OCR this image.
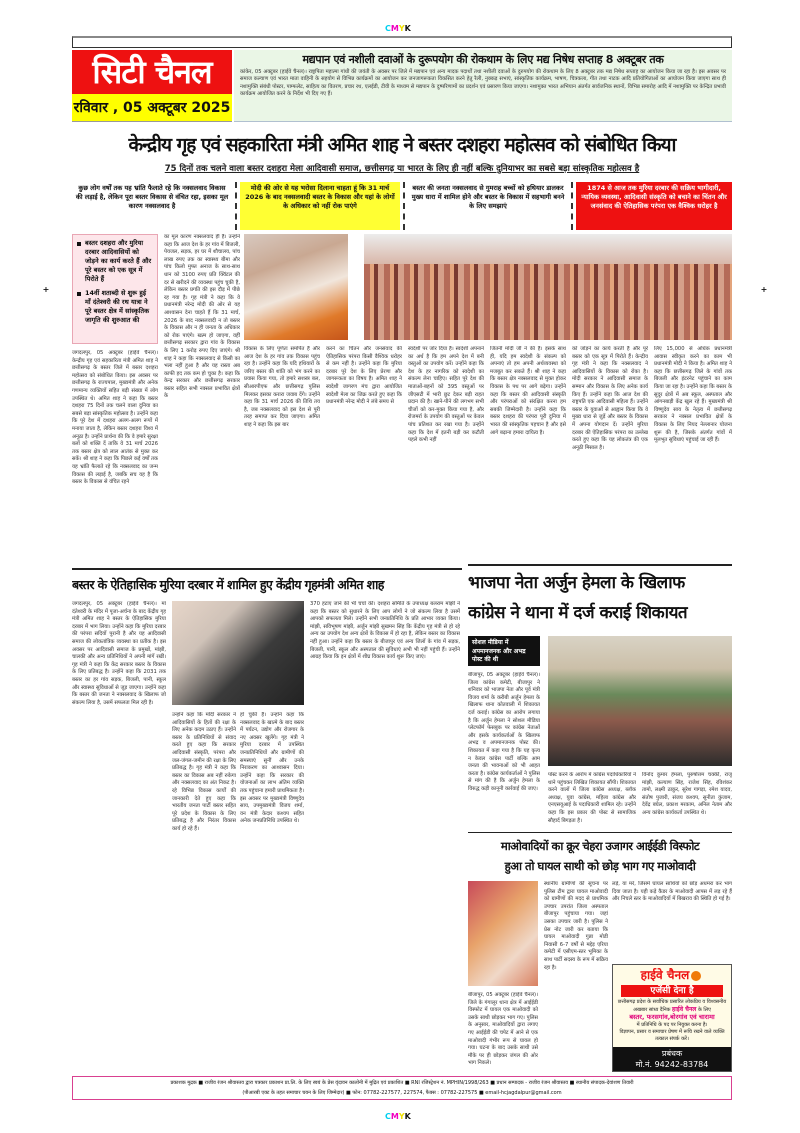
CMYK
+	+
सिटी चैनल
रविवार , 05 अक्टूबर 2025
मद्यपान एवं नशीली दवाओं के दुरूपयोग की रोकथाम के लिए मद्य निषेध सप्ताह 8 अक्टूबर तक

कांकेर, 05 अक्टूबर (हाईवे चैनल)। राष्ट्रपिता महात्मा गांधी की जयंती के अवसर पर जिले में मद्यपान एवं अन्य मादक पदार्थों तथा नशीली दवाओं के दुरुपयोग की रोकथाम के लिए 8 अक्टूबर तक मद्य निषेध सप्ताह का आयोजन किया जा रहा है। इस अवसर पर समाज कल्याण एवं भारत माता वाहिनी के सहयोग से विभिन्न कार्यक्रमों का आयोजन कर जनजागरूकता विकसित करने हेतु रैली, नुक्कड़ सभाएं, सांस्कृतिक कार्यक्रम, भाषण, चित्रकला, गीत तथा नाटक आदि प्रतियोगिताओं का आयोजन किया जाएगा साथ ही नशामुक्ति संबंधी पोस्टर, पाम्फलेट, साहित्य का वितरण, प्रचार रथ, एलईडी, टीवी के माध्यम से मद्यपान के दुष्परिणामों का प्रदर्शन एवं प्रसारण किया जाएगा। नशामुक्त भारत अभियान अंतर्गत सार्वजनिक स्थानों, विभिन्न समारोह आदि में नशामुक्ति पर केन्द्रित प्रभावी कार्यक्रम आयोजित करने के निर्देश भी दिए गए हैं।

केन्द्रीय गृह एवं सहकारिता मंत्री अमित शाह ने बस्तर दशहरा महोत्सव को संबोधित किया
75 दिनों तक चलने वाला बस्तर दशहरा मेला आदिवासी समाज, छत्तीसगढ़ या भारत के लिए ही नहीं बल्कि दुनियाभर का सबसे बड़ा सांस्कृतिक महोत्सव है
कुछ लोग वर्षों तक यह भ्रांति फैलाते रहे कि नक्सलवाद विकास की लड़ाई है, लेकिन पूरा बस्तर विकास से वंचित रहा, इसका मूल कारण नक्सलवाद है
मोदी की ओर से यह भरोसा दिलाना चाहता हूं कि 31 मार्च 2026 के बाद नक्सलवादी बस्तर के विकास और यहां के लोगों के अधिकार को नहीं रोक पाएंगे
बस्तर की जनता नक्सलवाद से गुमराह बच्चों को हथियार डालकर मुख्य धारा में शामिल होने और बस्तर के विकास में सहभागी बनने के लिए समझाएं
1874 से आज तक मुरिया दरबार की सक्रिय भागीदारी, न्यायिक व्यवस्था, आदिवासी संस्कृति को बचाने का चिंतन और जनसंवाद की ऐतिहासिक परंपरा एक वैश्विक धरोहर है
बस्तर दशहरा और मुरिया दरबार आदिवासियों को जोड़ने का कार्य करते हैं और पूरे बस्तर को एक सूत्र में पिरोते हैं
14वीं शताब्दी से शुरू हुई माँ दंतेश्वरी की रथ यात्रा ने पूरे बस्तर क्षेत्र में सांस्कृतिक जागृति की शुरुआत की
जगदलपुर, 05 अक्टूबर (हाईवे चैनल)। केन्द्रीय गृह एवं सहकारिता मंत्री अमित शाह ने छत्तीसगढ़ के बस्तर जिले में बस्तर दशहरा महोत्सव को संबोधित किया। इस अवसर पर छत्तीसगढ़ के राज्यपाल, मुख्यमंत्री और अनेक गणमान्य व्यक्तियों सहित बड़ी संख्या में लोग उपस्थित थे। अमित शाह ने कहा कि बस्तर दशहरा 75 दिनों तक चलने वाला दुनिया का सबसे बड़ा सांस्कृतिक महोत्सव है। उन्होंने कहा कि पूरे देश में दशहरा अलग-अलग रूपों में मनाया जाता है, लेकिन बस्तर दशहरा विश्व में अनूठा है। उन्होंने प्रार्थना की कि वे हमारे सुरक्षा बलों को शक्ति दें ताकि वे 31 मार्च 2026 तक बस्तर क्षेत्र को लाल आतंक से मुक्त कर सकें। श्री शाह ने कहा कि पिछले कई वर्षों तक यह भ्रांति फैलाते रहे कि नक्सलवाद का जन्म विकास की लड़ाई है, जबकि सच यह है कि बस्तर के विकास से वंचित रहने
का मूल कारण नक्सलवाद ही है। उन्होंने कहा कि आज देश के हर गांव में बिजली, पेयजल, सड़क, हर घर में शौचालय, पांच लाख रुपए तक का स्वास्थ्य बीमा और पांच किलो मुफ्त अनाज के साथ-साथ धान को 3100 रुपए प्रति क्विंटल की दर से खरीदने की व्यवस्था पहुंच चुकी है, लेकिन बस्तर प्रगति की इस दौड़ में पीछे रह गया है। गृह मंत्री ने कहा कि वे प्रधानमंत्री नरेन्द्र मोदी की ओर से यह आश्वासन देना चाहते हैं कि 31 मार्च, 2026 के बाद नक्सलवादी न तो बस्तर के विकास और न ही जनता के अधिकार को रोक पाएंगे। खत्म हो जाएगा, वहीं छत्तीसगढ़ सरकार द्वारा गांव के विकास के लिए 1 करोड़ रुपए दिए जाएंगे। श्री शाह ने कहा कि नक्सलवाद से किसी का भला नहीं हुआ है और यह रास्ता अब काफी हद तक कम हो चुका है। कहा कि केन्द्र सरकार और छत्तीसगढ़ सरकार बस्तर सहित सभी नक्सल प्रभावित क्षेत्रों के
विकास के लिए पूर्णतः समर्पित हैं और आज देश के हर गांव तक विकास पहुंच रहा है। उन्होंने कहा कि यदि हथियारों के जरिए बस्तर की शांति को भंग करने का प्रयास किया गया, तो हमारे सशस्त्र बल, सीआरपीएफ और छत्तीसगढ़ पुलिस मिलकर इसका करारा जवाब देंगे। उन्होंने कहा कि 31 मार्च 2026 की तिथि तय है, जब नक्सलवाद को इस देश से पूरी तरह समाप्त कर दिया जाएगा। अमित शाह ने कहा कि इस बार
करने का चिंतन और जनसंवाद की ऐतिहासिक परंपरा किसी वैश्विक धरोहर से कम नहीं है। उन्होंने कहा कि मुरिया दरबार पूरे देश के लिए प्रेरणा और जागरूकता का विषय है। अमित शाह ने स्वदेशी जागरण मंच द्वारा आयोजित स्वदेशी मेला का जिक्र करते हुए कहा कि प्रधानमंत्री नरेन्द्र मोदी ने लंबे समय से
स्वदेशी पर जोर दिया है। स्वदेशी अपनाने का अर्थ है कि हम अपने देश में बनी वस्तुओं का उपयोग करें। उन्होंने कहा कि देश के हर नागरिक को स्वदेशी का संकल्प लेना चाहिए। सहित पूरे देश की माताओं-बहनों को 395 वस्तुओं पर जीएसटी में भारी छूट देकर बड़ी राहत प्रदान की है। खाने-पीने की लगभग सभी चीजों को कर-मुक्त किया गया है, और रोजमर्रा के उपयोग की वस्तुओं पर केवल पांच प्रतिशत कर रखा गया है। उन्होंने कहा कि देश में इतनी बड़ी कर कटौती पहले कभी नहीं
जितनी मोदी जी ने की है। इसके साथ ही, यदि हम स्वदेशी के संकल्प को अपनाएं तो हम अपनी अर्थव्यवस्था को मजबूत कर सकते हैं। श्री शाह ने कहा कि बस्तर क्षेत्र नक्सलवाद से मुक्त होकर विकास के पथ पर आगे बढ़ेगा। उन्होंने कहा कि बस्तर की आदिवासी संस्कृति और परंपराओं को संरक्षित करना हम सबकी जिम्मेदारी है। उन्होंने कहा कि बस्तर दशहरा की परंपरा पूरी दुनिया में भारत की सांस्कृतिक पहचान है और इसे आगे बढ़ाना हमारा दायित्व है।
को जोड़ने का कार्य करती हैं और पूरे बस्तर को एक सूत्र में पिरोते हैं। केन्द्रीय गृह मंत्री ने कहा कि नक्सलवाद ने आदिवासियों के विकास को रोका है। मोदी सरकार ने आदिवासी समाज के सम्मान और विकास के लिए अनेक कार्य किए हैं। उन्होंने कहा कि आज देश की राष्ट्रपति एक आदिवासी महिला हैं। उन्होंने बस्तर के युवाओं से आह्वान किया कि वे मुख्य धारा से जुड़ें और बस्तर के विकास में अपना योगदान दें। उन्होंने मुरिया दरबार की ऐतिहासिक परंपरा का उल्लेख करते हुए कहा कि यह लोकतंत्र की एक अनूठी मिसाल है।
लिए 15,000 से अधिक प्रधानमंत्री आवास स्वीकृत करने का काम भी प्रधानमंत्री मोदी ने किया है। अमित शाह ने कहा कि छत्तीसगढ़ जिले के गांवों तक बिजली और इंटरनेट पहुंचाने का काम किया जा रहा है। उन्होंने कहा कि बस्तर के सुदूर क्षेत्रों में अब स्कूल, अस्पताल और आंगनबाड़ी केंद्र खुल रहे हैं। मुख्यमंत्री श्री विष्णुदेव साय के नेतृत्व में छत्तीसगढ़ सरकार ने नक्सल प्रभावित क्षेत्रों के विकास के लिए नियद नेल्लानार योजना शुरू की है, जिसके अंतर्गत गांवों में मूलभूत सुविधाएं पहुंचाई जा रही हैं।
बस्तर के ऐतिहासिक मुरिया दरबार में शामिल हुए केंद्रीय गृहमंत्री अमित शाह
जगदलपुर, 05 अक्टूबर (हाईवे चैनल)। मां दंतेश्वरी के मंदिर में पूजा-अर्चना के बाद केंद्रीय गृह मंत्री अमित शाह ने बस्तर के ऐतिहासिक मुरिया दरबार में भाग लिया। उन्होंने कहा कि मुरिया दरबार की परंपरा सदियों पुरानी है और यह आदिवासी समाज की लोकतांत्रिक व्यवस्था का प्रतीक है। इस अवसर पर आदिवासी समाज के प्रमुखों, मांझी, चालकी और अन्य प्रतिनिधियों ने अपनी मांगें रखीं। गृह मंत्री ने कहा कि केंद्र सरकार बस्तर के विकास के लिए प्रतिबद्ध है। उन्होंने कहा कि 2031 तक बस्तर का हर गांव सड़क, बिजली, पानी, स्कूल और स्वास्थ्य सुविधाओं से जुड़ जाएगा। उन्होंने कहा कि बस्तर की जनता ने नक्सलवाद के खिलाफ जो संकल्प लिया है, उसमें सफलता मिल रही है।
उन्होंने कहा कि मोदी सरकार ने आदिवासियों के हितों की रक्षा के लिए अनेक कदम उठाए हैं। उन्होंने बस्तर के प्रतिनिधियों से संवाद करते हुए कहा कि सरकार आदिवासी संस्कृति, परंपरा और जल-जंगल-जमीन की रक्षा के लिए प्रतिबद्ध है। गृह मंत्री ने कहा कि बस्तर का विकास अब नहीं रुकेगा और नक्सलवाद का अंत निकट है। रहे विभिन्न विकास कार्यों की जानकारी देते हुए कहा कि भारतीय जनता पार्टी बस्तर सहित पूरे प्रदेश के विकास के लिए प्रतिबद्ध है और निरंतर विकास कार्य हो रहे हैं।
हो चुकी है। उन्होंने कहा कि नक्सलवाद के खात्मे के बाद बस्तर में पर्यटन, उद्योग और रोजगार के नए अवसर खुलेंगे। गृह मंत्री ने मुरिया दरबार में उपस्थित जनप्रतिनिधियों और ग्रामीणों की समस्याएं सुनीं और उनके निराकरण का आश्वासन दिया। उन्होंने कहा कि सरकार की योजनाओं का लाभ अंतिम व्यक्ति तक पहुंचाना हमारी प्राथमिकता है। इस अवसर पर मुख्यमंत्री विष्णुदेव साय, उपमुख्यमंत्री विजय शर्मा, वन मंत्री केदार कश्यप सहित अनेक जनप्रतिनिधि उपस्थित थे।
370 हटाए जाने की भी चर्चा की। दशहरा समिति के उपाध्यक्ष बलराम मांझी ने कहा कि बस्तर को सुधारने के लिए आप लोगों ने जो संकल्प लिया है उसमें आपको सफलता मिले। उन्होंने सभी जनप्रतिनिधि के प्रति आभार व्यक्त किया। मांझी, सविभूषण मांझी, अर्जुन मांझी सुखमन सिंह कि केंद्रीय गृह मंत्री से हो रहे अन्य का उपयोग देश अन्य क्षेत्रों के विकास में हो रहा है, लेकिन बस्तर का विकास नहीं हुआ। उन्होंने कहा कि बस्तर के बीजापुर एवं अन्य जिलों के गांव में सड़क, बिजली, पानी, स्कूल और अस्पताल की सुविधाएं अभी भी नहीं पहुंची हैं। उन्होंने आग्रह किया कि इन क्षेत्रों में शीघ्र विकास कार्य शुरू किए जाएं।
भाजपा नेता अर्जुन हेमला के खिलाफ
कांग्रेस ने थाना में दर्ज कराई शिकायत
सोशल मीडिया में अपमानजनक और अभद्र पोस्ट की थी
बीजापुर, 05 अक्टूबर (हाईवे चैनल)। जिला कांग्रेस कमेटी, बीजापुर ने शनिवार को भाजपा नेता और पूर्व मंत्री विजय शर्मा के करीबी अर्जुन हेमला के खिलाफ थाना कोतवाली में शिकायत दर्ज कराई। कांग्रेस का आरोप लगाया है कि अर्जुन हेमला ने सोशल मीडिया प्लेटफॉर्म फेसबुक पर कांग्रेस नेताओं और इसके कार्यकर्ताओं के खिलाफ अभद्र व अपमानजनक पोस्ट की। शिकायत में कहा गया है कि यह कृत्य न केवल कांग्रेस पार्टी बल्कि आम जनता की भावनाओं को भी आहत करता है। कांग्रेस कार्यकर्ताओं ने पुलिस से मांग की है कि अर्जुन हेमला के विरुद्ध कड़ी कानूनी कार्रवाई की जाए।
पोस्ट करने के आरोप में कांग्रेस पदाधिकारियों ने थाने पहुंचकर लिखित शिकायत सौंपी। शिकायत करने वालों में जिला कांग्रेस अध्यक्ष, ब्लॉक अध्यक्ष, युवा कांग्रेस, महिला कांग्रेस और एनएसयूआई के पदाधिकारी शामिल रहे। उन्होंने कहा कि इस प्रकार की पोस्ट से सामाजिक सौहार्द बिगड़ता है।
विनोद कुमार हेमला, पुरुषोत्तम चक्की, राजू मांझी, कल्याण सिंह, राजेश सिंह, रविशंकर तामो, लक्ष्मी ठाकुर, सुरेश गागड़ा, रमेश यादव, संतोष पुजारी, संजय कश्यप, सुनीता कुंजाम, देवेंद्र बघेल, प्रकाश मरकाम, अनिल नेताम और अन्य कांग्रेस कार्यकर्ता उपस्थित थे।
माओवादियों का क्रूर चेहरा उजागर आईईडी विस्फोट
हुआ तो घायल साथी को छोड़ भाग गए माओवादी
बीजापुर, 05 अक्टूबर (हाईवे चैनल)। जिले के गंगालूर थाना क्षेत्र में आईईडी विस्फोट में घायल एक माओवादी को उसके साथी छोड़कर भाग गए। पुलिस के अनुसार, माओवादियों द्वारा लगाए गए आईईडी की चपेट में आने से एक माओवादी गंभीर रूप से घायल हो गया। घटना के बाद उसके साथी उसे मौके पर ही छोड़कर जंगल की ओर भाग निकले।
स्थानीय ग्रामीणों की सूचना पर पुलिस टीम द्वारा घायल माओवादी को ग्रामीणों की मदद से प्राथमिक उपचार उपरांत जिला अस्पताल बीजापुर पहुंचाया गया। जहां उसका उपचार जारी है। पुलिस ने प्रेस नोट जारी कर बताया कि घायल माओवादी गुन्ना मोडी निवासी 6-7 वर्षों से मद्देड़ एरिया कमेटी में एसीएम-स्तर भूमिका के साथ पार्टी सदस्य के रूप में सक्रिय रहा है।
लड़े, या मरे, जिसमें घायल साथियों को छोड़ अधमरा कर भाग दिया जाता है। यही कड़े कैडर के माओवादी आपस में लड़ रहे हैं और निचले स्तर के माओवादियों में बिखराव की स्थिति हो गई है।
हाईवे चैनल
एजेंसी देना है
छत्तीसगढ़ प्रदेश के सर्वाधिक प्रसारित लोकप्रिय व विश्वसनीय अखबार सांध्य दैनिक हाईवे चैनल के लिए
बस्तर, फरसगांव,बोरगांव एवं चारामा
में प्रतिनिधि के पद पर नियुक्त करना है।
विज्ञापन, प्रसार व समाचार प्रेषण में रूचि रखने वाले व्यक्ति तत्काल संपर्क करें।
प्रबंधक
मो.नं. 94242-83784
प्रकाशक मुद्रक ■ राजीव रंजन श्रीवास्तव द्वारा पत्रकार प्रकाशन प्रा.लि. के लिए स्वयं के प्रेस वृंदावन कालोनी में मुद्रित एवं प्रकाशित ■ RNI रजिस्ट्रेशन नं. MPHIN/1998/263 ■ प्रधान सम्पादक - राजीव रंजन श्रीवास्तव ■ स्थानीय संपादक-देवांशण तिवारी
(पीआरबी एक्ट के तहत समाचार चयन के लिए जिम्मेदार) ■ फोन: 07782-227577, 227574, फैक्स : 07782-227575 ■ email-hcjagdalpur@gmail.com
CMYK
